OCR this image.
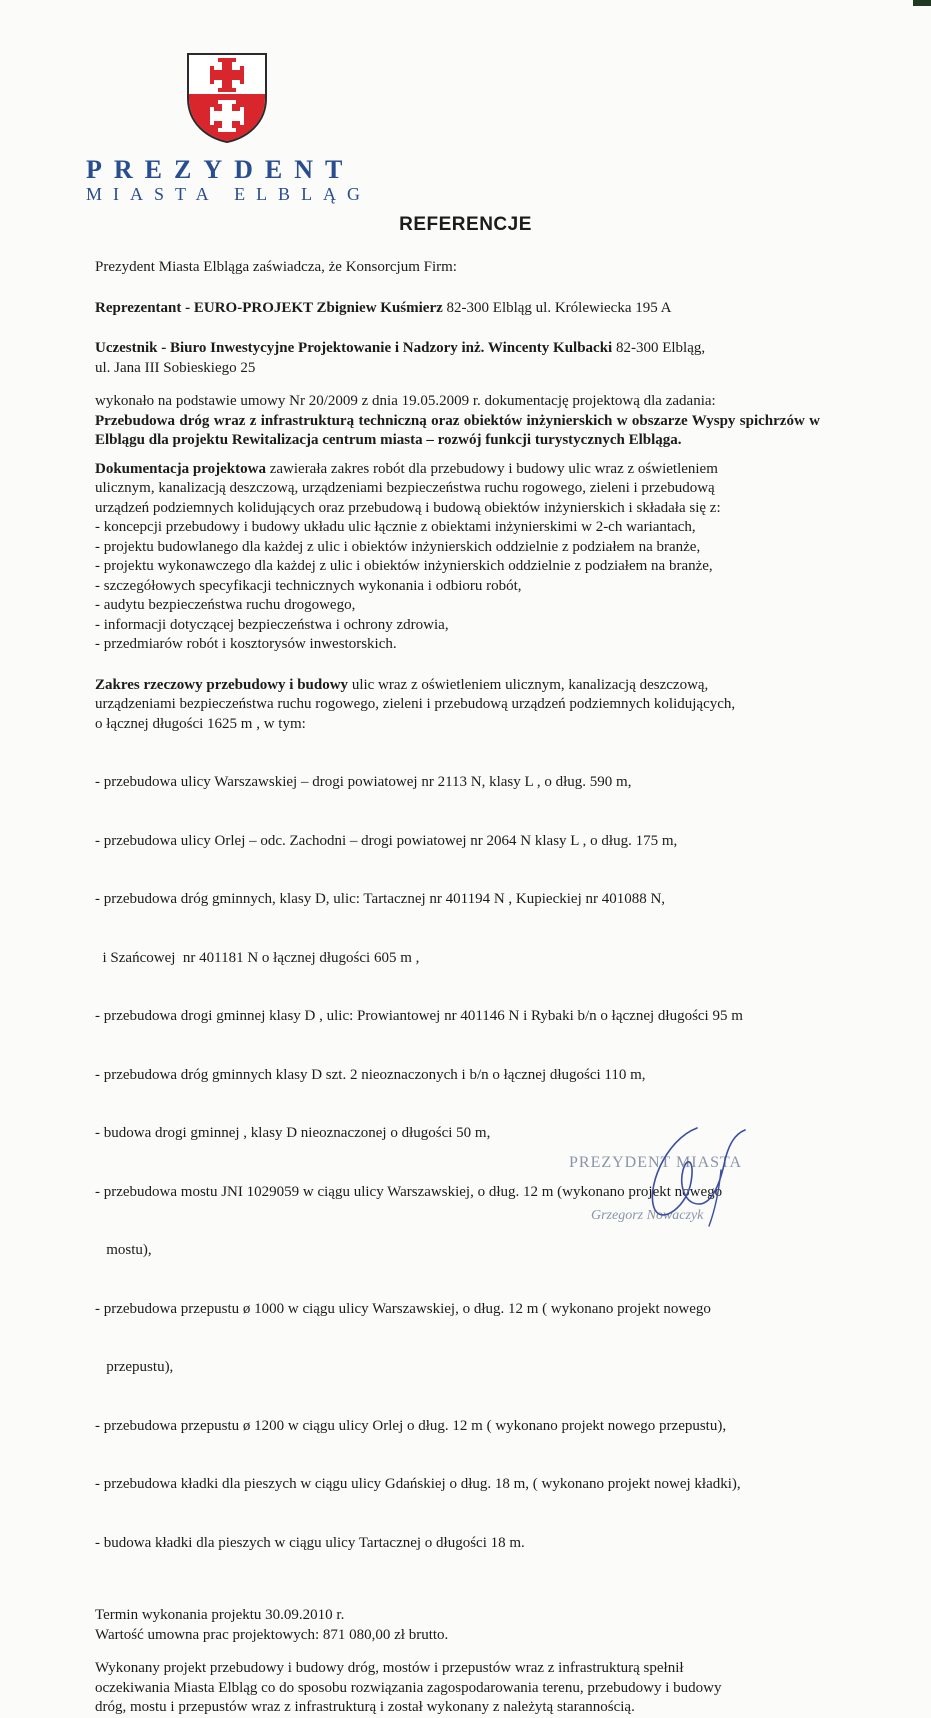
PREZYDENT
MIASTA ELBLĄG
REFERENCJE

Prezydent Miasta Elbląga zaświadcza, że Konsorcjum Firm:

Reprezentant - EURO-PROJEKT Zbigniew Kuśmierz 82-300 Elbląg ul. Królewiecka 195 A

Uczestnik - Biuro Inwestycyjne Projektowanie i Nadzory inż. Wincenty Kulbacki 82-300 Elbląg,

ul. Jana III Sobieskiego 25

wykonało na podstawie umowy Nr 20/2009 z dnia 19.05.2009 r. dokumentację projektową dla zadania:

Przebudowa dróg wraz z infrastrukturą techniczną oraz obiektów inżynierskich w obszarze Wyspy spichrzów w Elblągu dla projektu Rewitalizacja centrum miasta – rozwój funkcji turystycznych Elbląga.

Dokumentacja projektowa zawierała zakres robót dla przebudowy i budowy ulic wraz z oświetleniem

ulicznym, kanalizacją deszczową, urządzeniami bezpieczeństwa ruchu rogowego, zieleni i przebudową

urządzeń podziemnych kolidujących oraz przebudową i budową obiektów inżynierskich i składała się z:

- koncepcji przebudowy i budowy układu ulic łącznie z obiektami inżynierskimi w 2-ch wariantach,

- projektu budowlanego dla każdej z ulic i obiektów inżynierskich oddzielnie z podziałem na branże,

- projektu wykonawczego dla każdej z ulic i obiektów inżynierskich oddzielnie z podziałem na branże,

- szczegółowych specyfikacji technicznych wykonania i odbioru robót,

- audytu bezpieczeństwa ruchu drogowego,

- informacji dotyczącej bezpieczeństwa i ochrony zdrowia,

- przedmiarów robót i kosztorysów inwestorskich.

Zakres rzeczowy przebudowy i budowy ulic wraz z oświetleniem ulicznym, kanalizacją deszczową,

urządzeniami bezpieczeństwa ruchu rogowego, zieleni i przebudową urządzeń podziemnych kolidujących,

o łącznej długości 1625 m , w tym:

- przebudowa ulicy Warszawskiej – drogi powiatowej nr 2113 N, klasy L , o dług. 590 m,

- przebudowa ulicy Orlej – odc. Zachodni – drogi powiatowej nr 2064 N klasy L , o dług. 175 m,

- przebudowa dróg gminnych, klasy D, ulic: Tartacznej nr 401194 N , Kupieckiej nr 401088 N,

i Szańcowej  nr 401181 N o łącznej długości 605 m ,

- przebudowa drogi gminnej klasy D , ulic: Prowiantowej nr 401146 N i Rybaki b/n o łącznej długości 95 m

- przebudowa dróg gminnych klasy D szt. 2 nieoznaczonych i b/n o łącznej długości 110 m,

- budowa drogi gminnej , klasy D nieoznaczonej o długości 50 m,

- przebudowa mostu JNI 1029059 w ciągu ulicy Warszawskiej, o dług. 12 m (wykonano projekt nowego

mostu),

- przebudowa przepustu ø 1000 w ciągu ulicy Warszawskiej, o dług. 12 m ( wykonano projekt nowego

przepustu),

- przebudowa przepustu ø 1200 w ciągu ulicy Orlej o dług. 12 m ( wykonano projekt nowego przepustu),

- przebudowa kładki dla pieszych w ciągu ulicy Gdańskiej o dług. 18 m, ( wykonano projekt nowej kładki),

- budowa kładki dla pieszych w ciągu ulicy Tartacznej o długości 18 m.

Termin wykonania projektu 30.09.2010 r.

Wartość umowna prac projektowych: 871 080,00 zł brutto.

Wykonany projekt przebudowy i budowy dróg, mostów i przepustów wraz z infrastrukturą spełnił

oczekiwania Miasta Elbląg co do sposobu rozwiązania zagospodarowania terenu, przebudowy i budowy

dróg, mostu i przepustów wraz z infrastrukturą i został wykonany z należytą starannością.

PREZYDENT MIASTA
Grzegorz Nowaczyk
